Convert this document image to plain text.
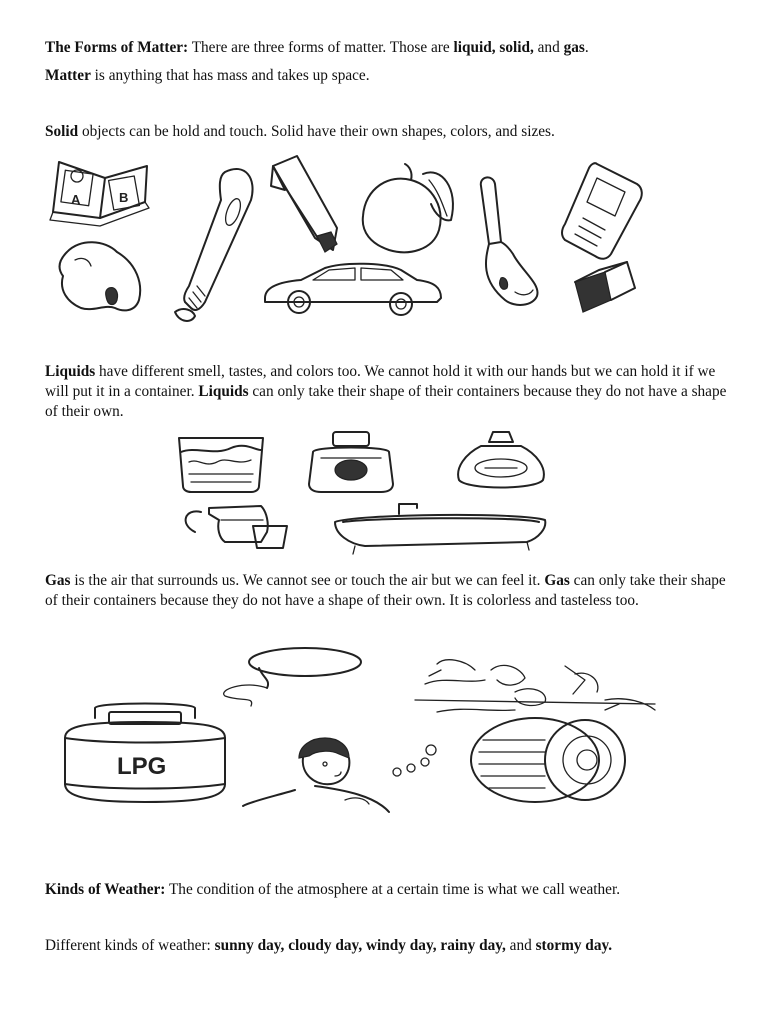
The Forms of Matter: There are three forms of matter. Those are liquid, solid, and gas.
Matter is anything that has mass and takes up space.
Solid objects can be hold and touch. Solid have their own shapes, colors, and sizes.
A	B
Liquids have different smell, tastes, and colors too. We cannot hold it with our hands but we can hold it if we will put it in a container. Liquids can only take their shape of their containers because they do not have a shape of their own.
Gas is the air that surrounds us. We cannot see or touch the air but we can feel it. Gas can only take their shape of their containers because they do not have a shape of their own. It is colorless and tasteless too.
LPG
Kinds of Weather: The condition of the atmosphere at a certain time is what we call weather.
Different kinds of weather: sunny day, cloudy day, windy day, rainy day, and stormy day.
